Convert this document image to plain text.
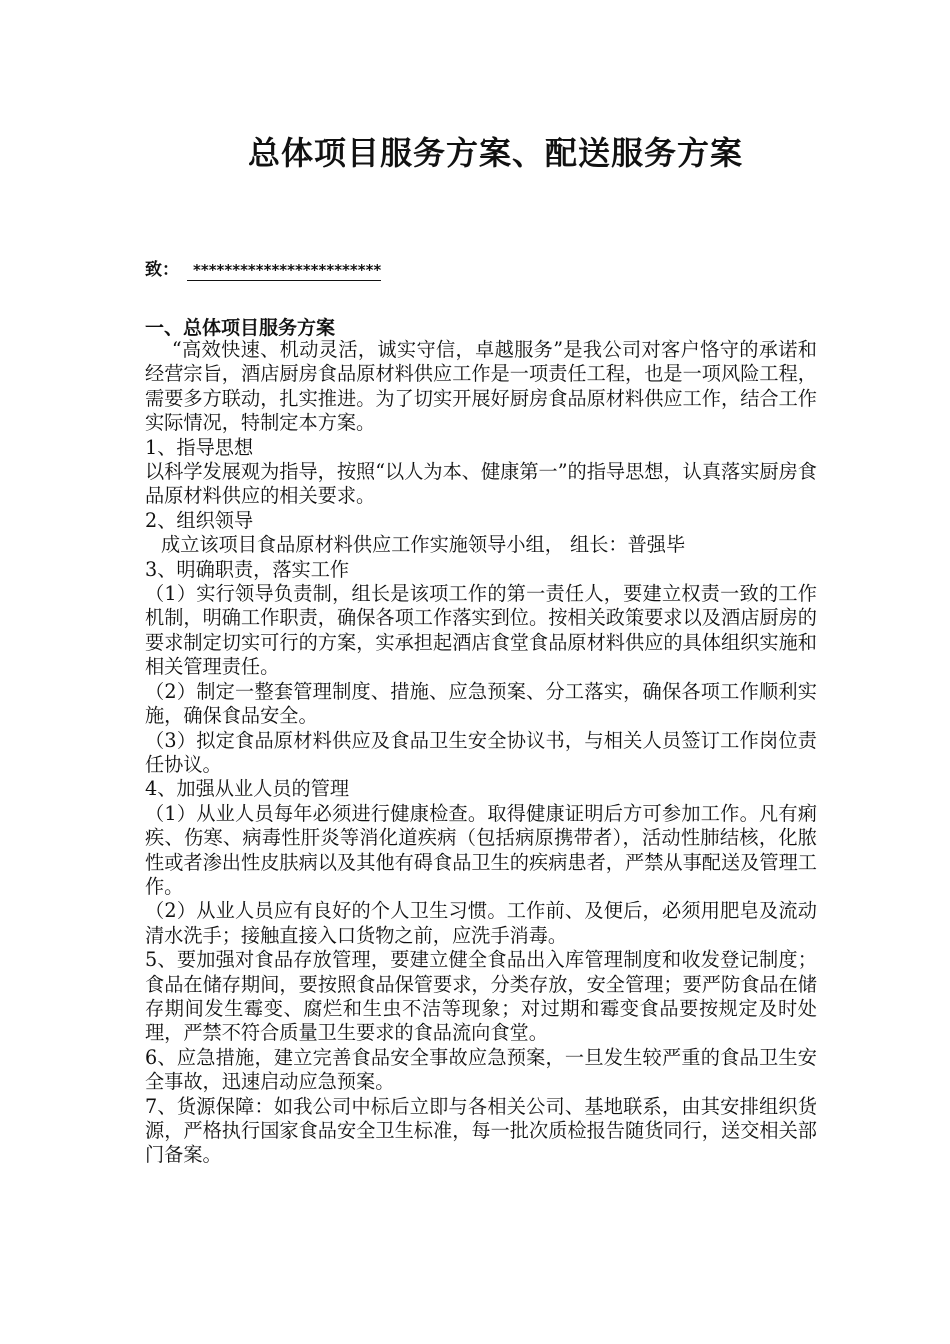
总体项目服务方案、配送服务方案
致： ************************
一、总体项目服务方案

“高效快速、机动灵活，诚实守信，卓越服务”是我公司对客户恪守的承诺和经营宗旨，酒店厨房食品原材料供应工作是一项责任工程，也是一项风险工程，需要多方联动，扎实推进。为了切实开展好厨房食品原材料供应工作，结合工作实际情况，特制定本方案。

1、指导思想

以科学发展观为指导，按照“以人为本、健康第一”的指导思想，认真落实厨房食品原材料供应的相关要求。

2、组织领导

成立该项目食品原材料供应工作实施领导小组， 组长：普强毕

3、明确职责，落实工作

（1）实行领导负责制，组长是该项工作的第一责任人，要建立权责一致的工作机制，明确工作职责，确保各项工作落实到位。按相关政策要求以及酒店厨房的要求制定切实可行的方案，实承担起酒店食堂食品原材料供应的具体组织实施和相关管理责任。

（2）制定一整套管理制度、措施、应急预案、分工落实，确保各项工作顺利实施，确保食品安全。

（3）拟定食品原材料供应及食品卫生安全协议书，与相关人员签订工作岗位责任协议。

4、加强从业人员的管理

（1）从业人员每年必须进行健康检查。取得健康证明后方可参加工作。凡有痢疾、伤寒、病毒性肝炎等消化道疾病（包括病原携带者），活动性肺结核，化脓性或者渗出性皮肤病以及其他有碍食品卫生的疾病患者，严禁从事配送及管理工作。

（2）从业人员应有良好的个人卫生习惯。工作前、及便后，必须用肥皂及流动清水洗手；接触直接入口货物之前，应洗手消毒。

5、要加强对食品存放管理，要建立健全食品出入库管理制度和收发登记制度；食品在储存期间，要按照食品保管要求，分类存放，安全管理；要严防食品在储存期间发生霉变、腐烂和生虫不洁等现象；对过期和霉变食品要按规定及时处理，严禁不符合质量卫生要求的食品流向食堂。

6、应急措施，建立完善食品安全事故应急预案，一旦发生较严重的食品卫生安全事故，迅速启动应急预案。

7、货源保障：如我公司中标后立即与各相关公司、基地联系，由其安排组织货源，严格执行国家食品安全卫生标准，每一批次质检报告随货同行，送交相关部门备案。
